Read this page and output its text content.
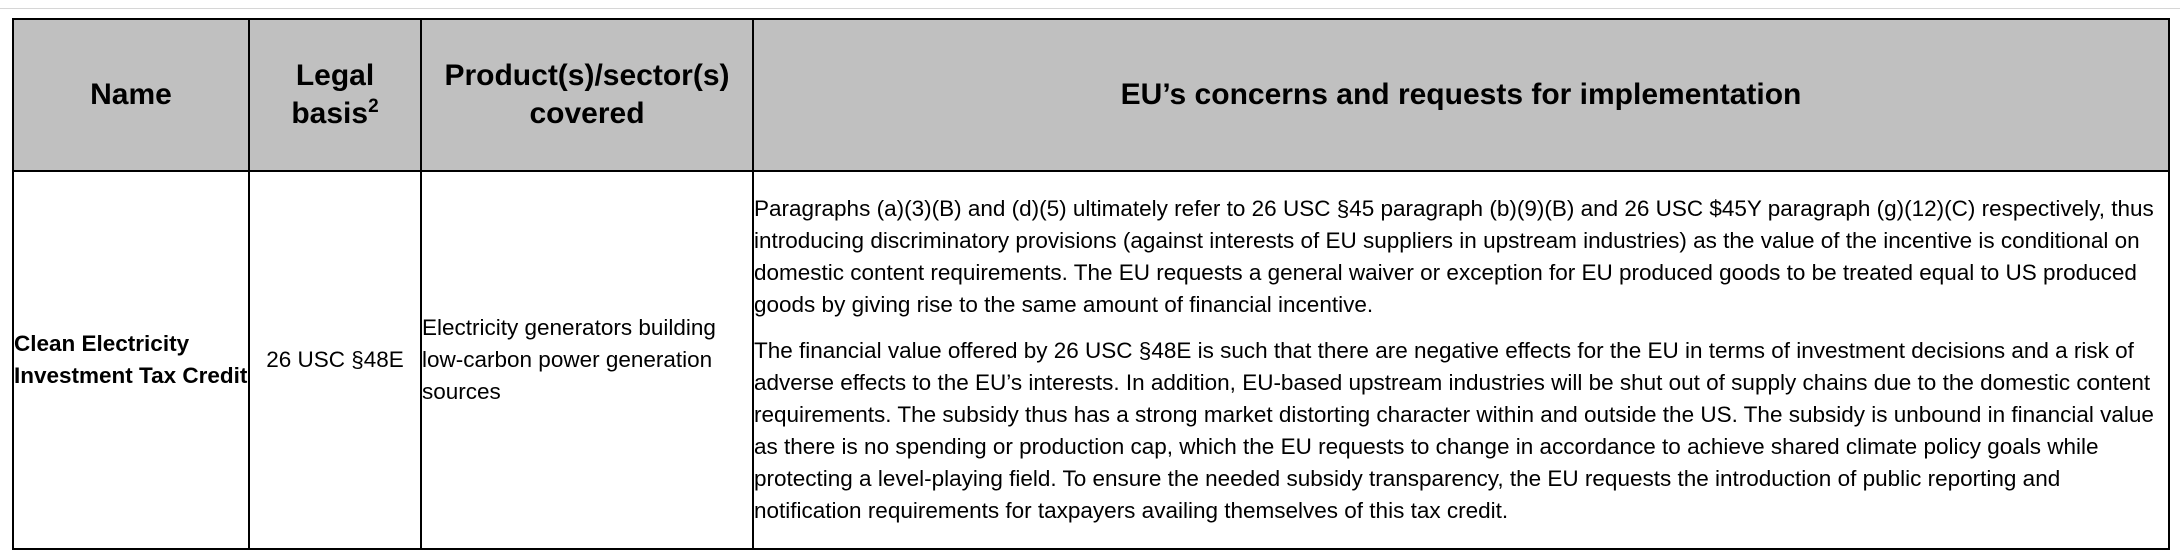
Name	Legal basis$^2$	Product(s)/sector(s) covered	EU’s concerns and requests for implementation
Clean Electricity Investment Tax Credit	26 USC §48E	Electricity generators building low-carbon power generation sources	Paragraphs (a)(3)(B) and (d)(5) ultimately refer to 26 USC §45 paragraph (b)(9)(B) and 26 USC $45Y paragraph (g)(12)(C) respectively, thus introducing discriminatory provisions (against interests of EU suppliers in upstream industries) as the value of the incentive is conditional on domestic content requirements. The EU requests a general waiver or exception for EU produced goods to be treated equal to US produced goods by giving rise to the same amount of financial incentive.

The financial value offered by 26 USC §48E is such that there are negative effects for the EU in terms of investment decisions and a risk of adverse effects to the EU’s interests. In addition, EU-based upstream industries will be shut out of supply chains due to the domestic content requirements. The subsidy thus has a strong market distorting character within and outside the US. The subsidy is unbound in financial value as there is no spending or production cap, which the EU requests to change in accordance to achieve shared climate policy goals while protecting a level-playing field. To ensure the needed subsidy transparency, the EU requests the introduction of public reporting and notification requirements for taxpayers availing themselves of this tax credit.
